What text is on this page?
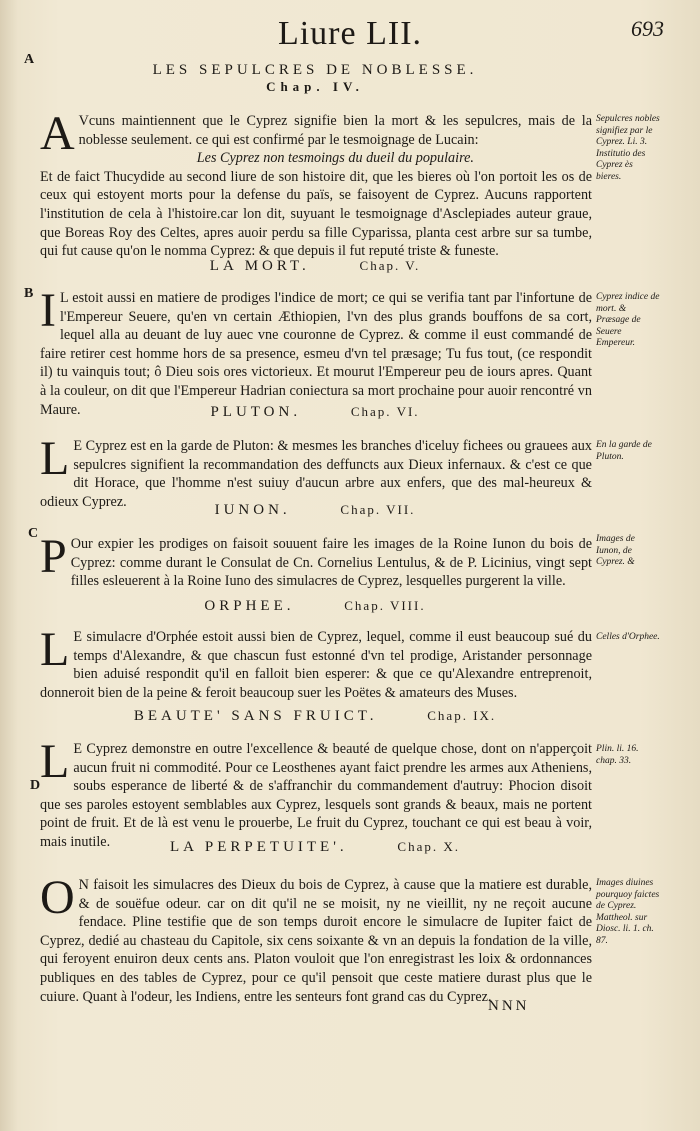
Liure LII.	693
A
B
C
D
LES SEPULCRES DE NOBLESSE.
Chap. IV.
A Vcuns maintiennent que le Cyprez signifie bien la mort & les sepulcres, mais de la noblesse seulement. ce qui est confirmé par le tesmoignage de Lucain:
Les Cyprez non tesmoings du dueil du populaire.
Et de faict Thucydide au second liure de son histoire dit, que les bieres où l'on portoit les os de ceux qui estoyent morts pour la defense du païs, se faisoyent de Cyprez. Aucuns rapportent l'institution de cela à l'histoire.car lon dit, suyuant le tesmoignage d'Asclepiades auteur graue, que Boreas Roy des Celtes, apres auoir perdu sa fille Cyparissa, planta cest arbre sur sa tumbe, qui fut cause qu'on le nomma Cyprez: & que depuis il fut reputé triste & funeste.
LA MORT.	Chap. V.
I L estoit aussi en matiere de prodiges l'indice de mort; ce qui se verifia tant par l'infortune de l'Empereur Seuere, qu'en vn certain Æthiopien, l'vn des plus grands bouffons de sa cort, lequel alla au deuant de luy auec vne couronne de Cyprez. & comme il eust commandé de faire retirer cest homme hors de sa presence, esmeu d'vn tel præsage; Tu fus tout, (ce respondit il) tu vainquis tout; ô Dieu sois ores victorieux. Et mourut l'Empereur peu de iours apres. Quant à la couleur, on dit que l'Empereur Hadrian coniectura sa mort prochaine pour auoir rencontré vn Maure.	PLUTON.	Chap. VI.
L E Cyprez est en la garde de Pluton: & mesmes les branches d'iceluy fichees ou grauees aux sepulcres signifient la recommandation des deffuncts aux Dieux infernaux. & c'est ce que dit Horace, que l'homme n'est suiuy d'aucun arbre aux enfers, que des mal-heureux & odieux Cyprez.
IUNON.	Chap. VII.
P Our expier les prodiges on faisoit souuent faire les images de la Roine Iunon du bois de Cyprez: comme durant le Consulat de Cn. Cornelius Lentulus, & de P. Licinius, vingt sept filles esleuerent à la Roine Iuno des simulacres de Cyprez, lesquelles purgerent la ville.
ORPHEE.	Chap. VIII.
L E simulacre d'Orphée estoit aussi bien de Cyprez, lequel, comme il eust beaucoup sué du temps d'Alexandre, & que chascun fust estonné d'vn tel prodige, Aristander personnage bien aduisé respondit qu'il en falloit bien esperer: & que ce qu'Alexandre entreprenoit, donneroit bien de la peine & feroit beaucoup suer les Poëtes & amateurs des Muses.
BEAUTE' SANS FRUICT.	Chap. IX.
L E Cyprez demonstre en outre l'excellence & beauté de quelque chose, dont on n'apperçoit aucun fruit ni commodité. Pour ce Leosthenes ayant faict prendre les armes aux Atheniens, soubs esperance de liberté & de s'affranchir du commandement d'autruy: Phocion disoit que ses paroles estoyent semblables aux Cyprez, lesquels sont grands & beaux, mais ne portent point de fruit. Et de là est venu le prouerbe, Le fruit du Cyprez, touchant ce qui est beau à voir, mais inutile.	LA PERPETUITE'.	Chap. X.
O N faisoit les simulacres des Dieux du bois de Cyprez, à cause que la matiere est durable, & de souëfue odeur. car on dit qu'il ne se moisit, ny ne vieillit, ny ne reçoit aucune fendace. Pline testifie que de son temps duroit encore le simulacre de Iupiter faict de Cyprez, dedié au chasteau du Capitole, six cens soixante & vn an depuis la fondation de la ville, qui feroyent enuiron deux cents ans. Platon vouloit que l'on enregistrast les loix & ordonnances publiques en des tables de Cyprez, pour ce qu'il pensoit que ceste matiere durast plus que le cuiure. Quant à l'odeur, les Indiens, entre les senteurs font grand cas du Cyprez.
Sepulcres nobles signifiez par le Cyprez. Li. 3. Institutio des Cyprez ès bieres.
Cyprez indice de mort. & Præsage de Seuere Empereur.
En la garde de Pluton.
Images de Iunon, de Cyprez. &
Celles d'Orphee.
Plin. li. 16. chap. 33.
Images diuines pourquoy faictes de Cyprez. Mattheol. sur Diosc. li. 1. ch. 87.
NNN
